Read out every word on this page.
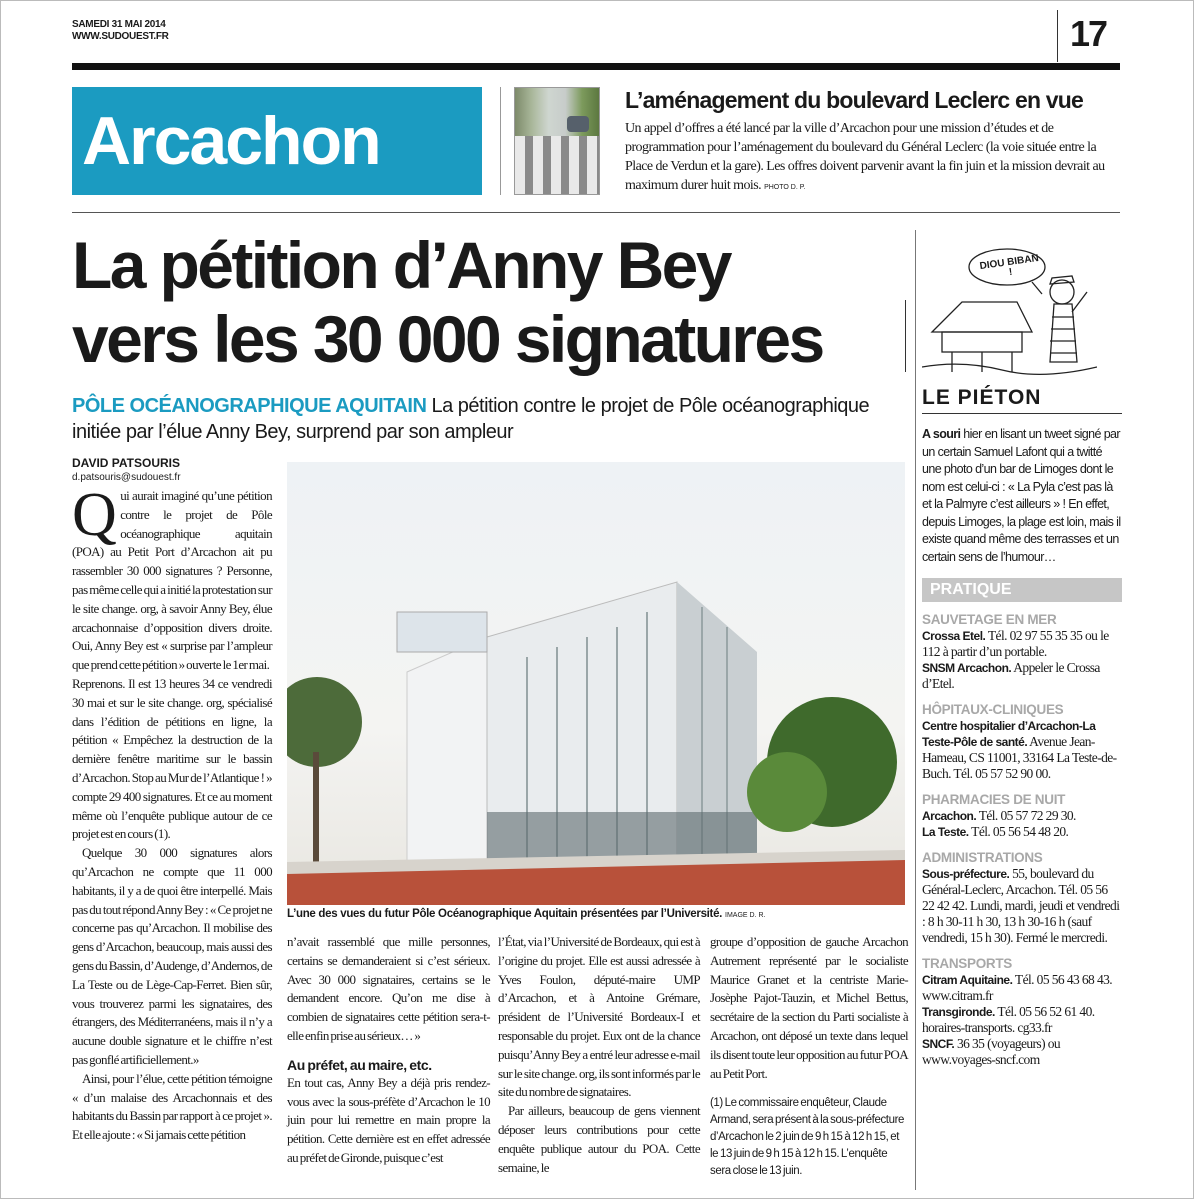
SAMEDI 31 MAI 2014
WWW.SUDOUEST.FR	17
Arcachon
L’aménagement du boulevard Leclerc en vue
Un appel d’offres a été lancé par la ville d’Arcachon pour une mission d’études et de programmation pour l’aménagement du boulevard du Général Leclerc (la voie située entre la Place de Verdun et la gare). Les offres doivent parvenir avant la fin juin et la mission devrait au maximum durer huit mois. PHOTO D. P.
La pétition d’Anny Bey
vers les 30 000 signatures
PÔLE OCÉANOGRAPHIQUE AQUITAIN La pétition contre le projet de Pôle océanographique initiée par l’élue Anny Bey, surprend par son ampleur
DAVID PATSOURIS
d.patsouris@sudouest.fr

Qui aurait imaginé qu’une pétition contre le projet de Pôle océanographique aquitain (POA) au Petit Port d’Arcachon ait pu rassembler 30 000 signatures ? Personne, pas même celle qui a initié la protestation sur le site change. org, à savoir Anny Bey, élue arcachonnaise d’opposition divers droite. Oui, Anny Bey est « surprise par l’ampleur que prend cette pétition » ouverte le 1er mai.

Reprenons. Il est 13 heures 34 ce vendredi 30 mai et sur le site change. org, spécialisé dans l’édition de pétitions en ligne, la pétition « Empêchez la destruction de la dernière fenêtre maritime sur le bassin d’Arcachon. Stop au Mur de l’Atlantique ! » compte 29 400 signatures. Et ce au moment même où l’enquête publique autour de ce projet est en cours (1).

Quelque 30 000 signatures alors qu’Arcachon ne compte que 11 000 habitants, il y a de quoi être interpellé. Mais pas du tout répond Anny Bey : « Ce projet ne concerne pas qu’Arcachon. Il mobilise des gens d’Arcachon, beaucoup, mais aussi des gens du Bassin, d’Audenge, d’Andernos, de La Teste ou de Lège-Cap-Ferret. Bien sûr, vous trouverez parmi les signataires, des étrangers, des Méditerranéens, mais il n’y a aucune double signature et le chiffre n’est pas gonflé artificiellement.»

Ainsi, pour l’élue, cette pétition témoigne « d’un malaise des Arcachonnais et des habitants du Bassin par rapport à ce projet ». Et elle ajoute : « Si jamais cette pétition

L’une des vues du futur Pôle Océanographique Aquitain présentées par l’Université. IMAGE D. R.

n’avait rassemblé que mille personnes, certains se demanderaient si c’est sérieux. Avec 30 000 signataires, certains se le demandent encore. Qu’on me dise à combien de signataires cette pétition sera-t-elle enfin prise au sérieux… »

Au préfet, au maire, etc.

En tout cas, Anny Bey a déjà pris rendez-vous avec la sous-préfète d’Arcachon le 10 juin pour lui remettre en main propre la pétition. Cette dernière est en effet adressée au préfet de Gironde, puisque c’est

l’État, via l’Université de Bordeaux, qui est à l’origine du projet. Elle est aussi adressée à Yves Foulon, député-maire UMP d’Arcachon, et à Antoine Grémare, président de l’Université Bordeaux-I et responsable du projet. Eux ont de la chance puisqu’Anny Bey a entré leur adresse e-mail sur le site change. org, ils sont informés par le site du nombre de signataires.

Par ailleurs, beaucoup de gens viennent déposer leurs contributions pour cette enquête publique autour du POA. Cette semaine, le

groupe d’opposition de gauche Arcachon Autrement représenté par le socialiste Maurice Granet et la centriste Marie-Josèphe Pajot-Tauzin, et Michel Bettus, secrétaire de la section du Parti socialiste à Arcachon, ont déposé un texte dans lequel ils disent toute leur opposition au futur POA au Petit Port.

(1) Le commissaire enquêteur, Claude Armand, sera présent à la sous-préfecture d’Arcachon le 2 juin de 9 h 15 à 12 h 15, et le 13 juin de 9 h 15 à 12 h 15. L’enquête sera close le 13 juin.

DIOU BIBAN !
LE PIÉTON
A souri hier en lisant un tweet signé par un certain Samuel Lafont qui a twitté une photo d’un bar de Limoges dont le nom est celui-ci : « La Pyla c’est pas là et la Palmyre c’est ailleurs » ! En effet, depuis Limoges, la plage est loin, mais il existe quand même des terrasses et un certain sens de l’humour…
PRATIQUE
SAUVETAGE EN MER
Crossa Etel. Tél. 02 97 55 35 35 ou le 112 à partir d’un portable.
SNSM Arcachon. Appeler le Crossa d’Etel.
HÔPITAUX-CLINIQUES
Centre hospitalier d’Arcachon-La Teste-Pôle de santé. Avenue Jean-Hameau, CS 11001, 33164 La Teste-de-Buch. Tél. 05 57 52 90 00.
PHARMACIES DE NUIT
Arcachon. Tél. 05 57 72 29 30.
La Teste. Tél. 05 56 54 48 20.
ADMINISTRATIONS
Sous-préfecture. 55, boulevard du Général-Leclerc, Arcachon. Tél. 05 56 22 42 42. Lundi, mardi, jeudi et vendredi : 8 h 30-11 h 30, 13 h 30-16 h (sauf vendredi, 15 h 30). Fermé le mercredi.
TRANSPORTS
Citram Aquitaine. Tél. 05 56 43 68 43. www.citram.fr
Transgironde. Tél. 05 56 52 61 40. horaires-transports. cg33.fr
SNCF. 36 35 (voyageurs) ou www.voyages-sncf.com
